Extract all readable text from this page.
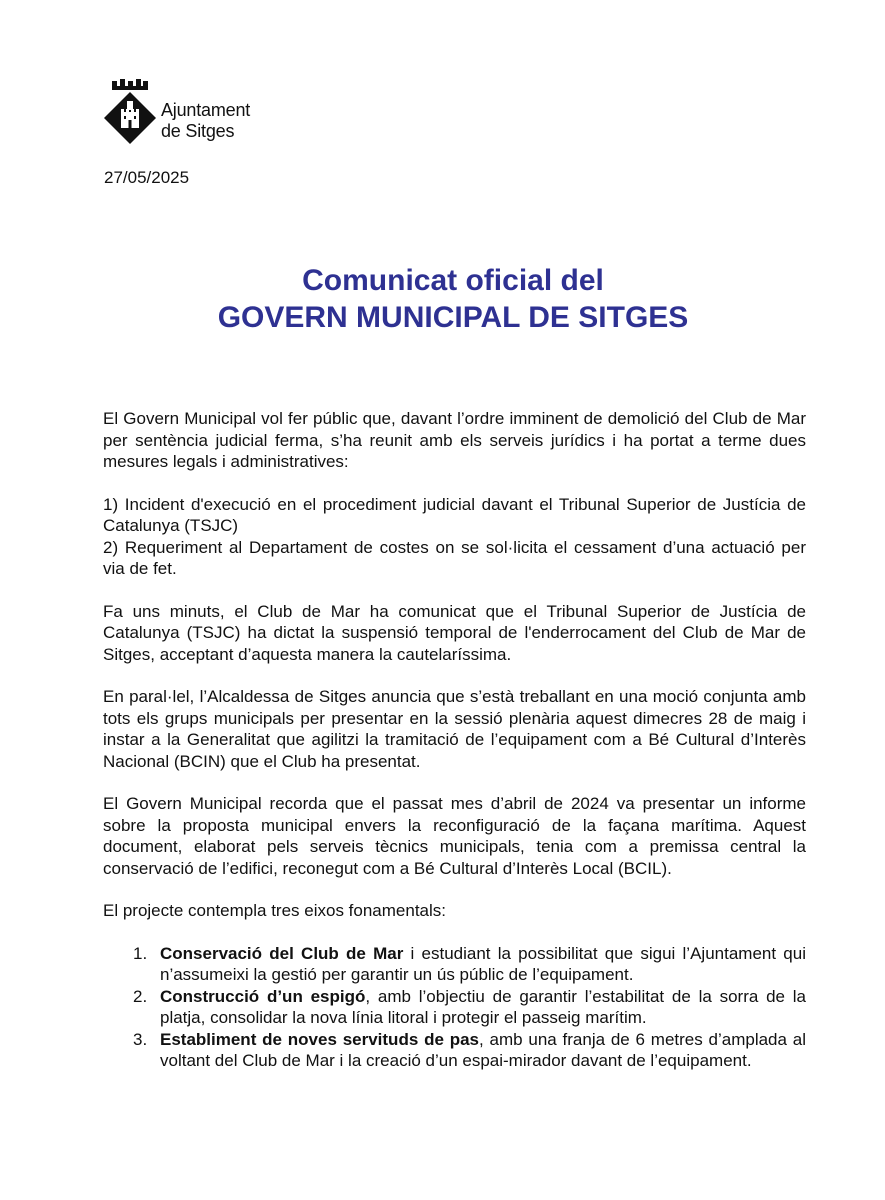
Ajuntament
de Sitges
27/05/2025
Comunicat oficial del
GOVERN MUNICIPAL DE SITGES

El Govern Municipal vol fer públic que, davant l’ordre imminent de demolició del Club de Mar per sentència judicial ferma, s’ha reunit amb els serveis jurídics i ha portat a terme dues mesures legals i administratives:

1) Incident d'execució en el procediment judicial davant el Tribunal Superior de Justícia de Catalunya (TSJC)

2) Requeriment al Departament de costes on se sol·licita el cessament d’una actuació per via de fet.

Fa uns minuts, el Club de Mar ha comunicat que el Tribunal Superior de Justícia de Catalunya (TSJC) ha dictat la suspensió temporal de l'enderrocament del Club de Mar de Sitges, acceptant d’aquesta manera la cautelaríssima.

En paral·lel, l’Alcaldessa de Sitges anuncia que s’està treballant en una moció conjunta amb tots els grups municipals per presentar en la sessió plenària aquest dimecres 28 de maig i instar a la Generalitat que agilitzi la tramitació de l’equipament com a Bé Cultural d’Interès Nacional (BCIN) que el Club ha presentat.

El Govern Municipal recorda que el passat mes d’abril de 2024 va presentar un informe sobre la proposta municipal envers la reconfiguració de la façana marítima. Aquest document, elaborat pels serveis tècnics municipals, tenia com a premissa central la conservació de l’edifici, reconegut com a Bé Cultural d’Interès Local (BCIL).

El projecte contempla tres eixos fonamentals:

1. Conservació del Club de Mar i estudiant la possibilitat que sigui l’Ajuntament qui n’assumeixi la gestió per garantir un ús públic de l’equipament.
2. Construcció d’un espigó, amb l’objectiu de garantir l’estabilitat de la sorra de la platja, consolidar la nova línia litoral i protegir el passeig marítim.
3. Establiment de noves servituds de pas, amb una franja de 6 metres d’amplada al voltant del Club de Mar i la creació d’un espai-mirador davant de l’equipament.
